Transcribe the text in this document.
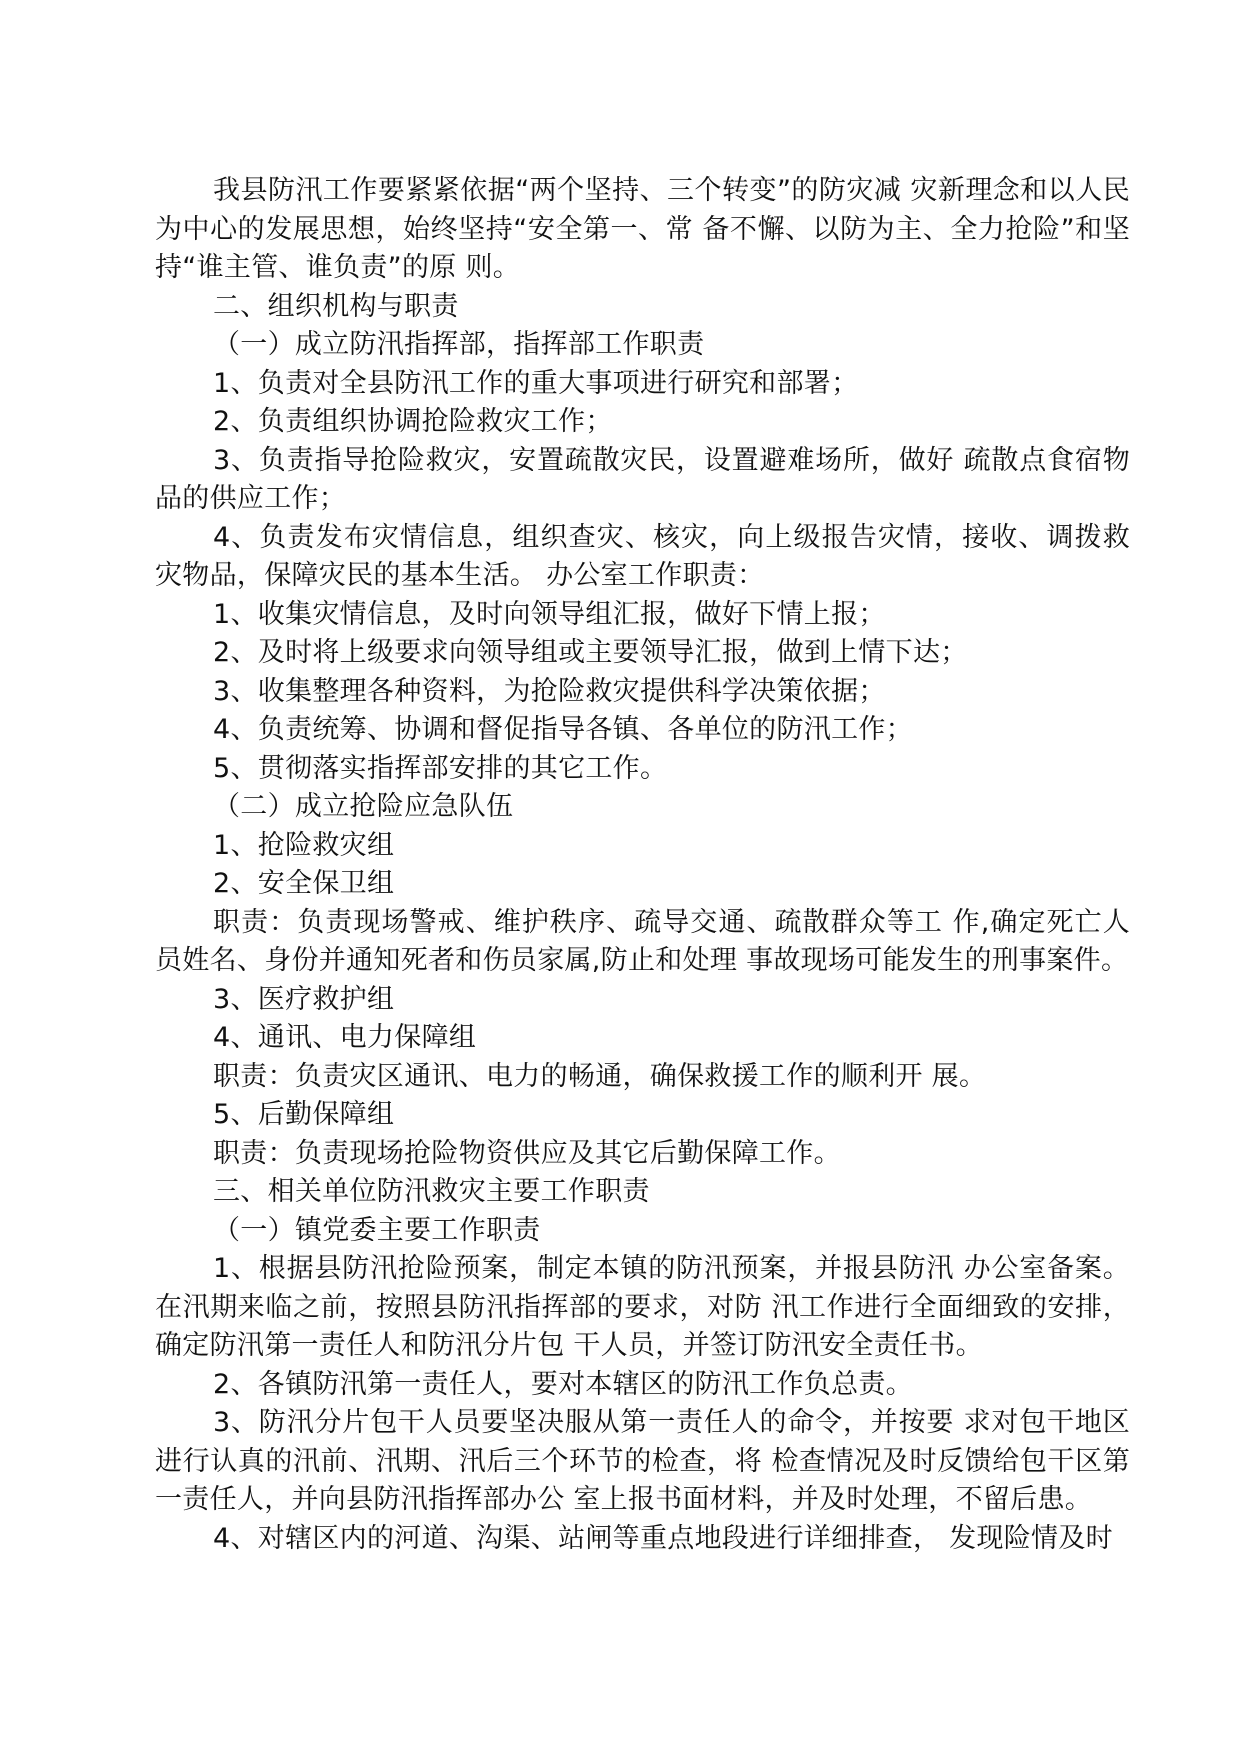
我县防汛工作要紧紧依据“两个坚持、三个转变”的防灾减 灾新理念和以人民为中心的发展思想，始终坚持“安全第一、常 备不懈、以防为主、全力抢险”和坚持“谁主管、谁负责”的原 则。

二、组织机构与职责

（一）成立防汛指挥部，指挥部工作职责

1、负责对全县防汛工作的重大事项进行研究和部署；

2、负责组织协调抢险救灾工作；

3、负责指导抢险救灾，安置疏散灾民，设置避难场所，做好 疏散点食宿物品的供应工作；

4、负责发布灾情信息，组织查灾、核灾，向上级报告灾情，接收、调拨救灾物品，保障灾民的基本生活。 办公室工作职责：

1、收集灾情信息，及时向领导组汇报，做好下情上报；

2、及时将上级要求向领导组或主要领导汇报，做到上情下达；

3、收集整理各种资料，为抢险救灾提供科学决策依据；

4、负责统筹、协调和督促指导各镇、各单位的防汛工作；

5、贯彻落实指挥部安排的其它工作。

（二）成立抢险应急队伍

1、抢险救灾组

2、安全保卫组

职责：负责现场警戒、维护秩序、疏导交通、疏散群众等工 作,确定死亡人员姓名、身份并通知死者和伤员家属,防止和处理 事故现场可能发生的刑事案件。

3、医疗救护组

4、通讯、电力保障组

职责：负责灾区通讯、电力的畅通，确保救援工作的顺利开 展。

5、后勤保障组

职责：负责现场抢险物资供应及其它后勤保障工作。

三、相关单位防汛救灾主要工作职责

（一）镇党委主要工作职责

1、根据县防汛抢险预案，制定本镇的防汛预案，并报县防汛 办公室备案。在汛期来临之前，按照县防汛指挥部的要求，对防 汛工作进行全面细致的安排，确定防汛第一责任人和防汛分片包 干人员，并签订防汛安全责任书。

2、各镇防汛第一责任人，要对本辖区的防汛工作负总责。

3、防汛分片包干人员要坚决服从第一责任人的命令，并按要 求对包干地区进行认真的汛前、汛期、汛后三个环节的检查，将 检查情况及时反馈给包干区第一责任人，并向县防汛指挥部办公 室上报书面材料，并及时处理，不留后患。

4、对辖区内的河道、沟渠、站闸等重点地段进行详细排查， 发现险情及时
